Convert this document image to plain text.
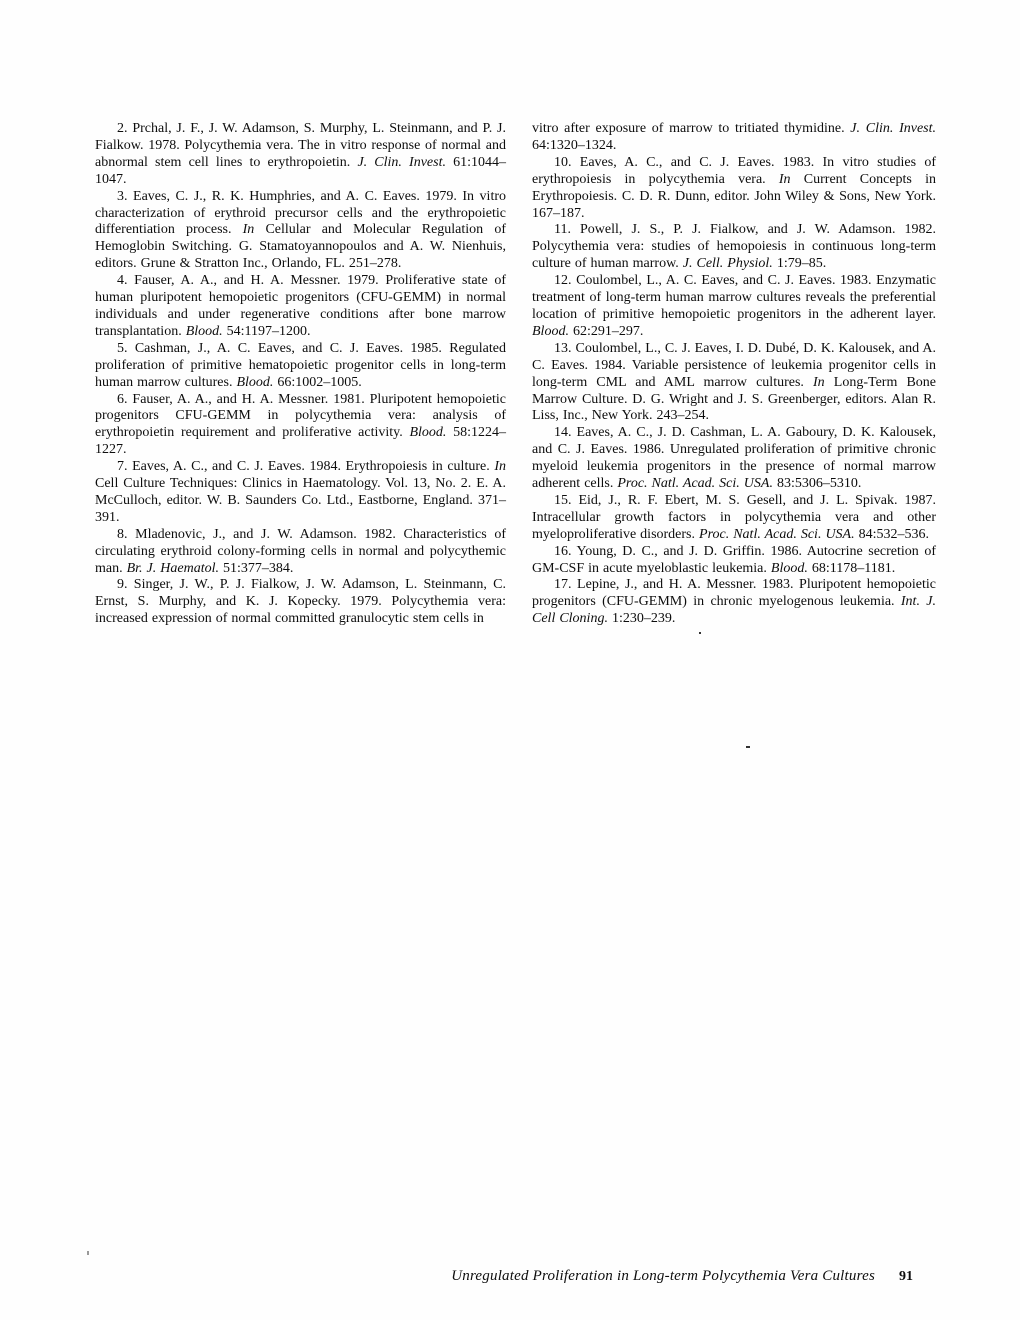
2. Prchal, J. F., J. W. Adamson, S. Murphy, L. Steinmann, and P. J. Fialkow. 1978. Polycythemia vera. The in vitro response of normal and abnormal stem cell lines to erythropoietin. J. Clin. Invest. 61:1044–1047.

3. Eaves, C. J., R. K. Humphries, and A. C. Eaves. 1979. In vitro characterization of erythroid precursor cells and the erythropoietic differentiation process. In Cellular and Molecular Regulation of Hemoglobin Switching. G. Stamatoyannopoulos and A. W. Nienhuis, editors. Grune & Stratton Inc., Orlando, FL. 251–278.

4. Fauser, A. A., and H. A. Messner. 1979. Proliferative state of human pluripotent hemopoietic progenitors (CFU-GEMM) in normal individuals and under regenerative conditions after bone marrow transplantation. Blood. 54:1197–1200.

5. Cashman, J., A. C. Eaves, and C. J. Eaves. 1985. Regulated proliferation of primitive hematopoietic progenitor cells in long-term human marrow cultures. Blood. 66:1002–1005.

6. Fauser, A. A., and H. A. Messner. 1981. Pluripotent hemopoietic progenitors CFU-GEMM in polycythemia vera: analysis of erythropoietin requirement and proliferative activity. Blood. 58:1224–1227.

7. Eaves, A. C., and C. J. Eaves. 1984. Erythropoiesis in culture. In Cell Culture Techniques: Clinics in Haematology. Vol. 13, No. 2. E. A. McCulloch, editor. W. B. Saunders Co. Ltd., Eastborne, England. 371–391.

8. Mladenovic, J., and J. W. Adamson. 1982. Characteristics of circulating erythroid colony-forming cells in normal and polycythemic man. Br. J. Haematol. 51:377–384.

9. Singer, J. W., P. J. Fialkow, J. W. Adamson, L. Steinmann, C. Ernst, S. Murphy, and K. J. Kopecky. 1979. Polycythemia vera: increased expression of normal committed granulocytic stem cells in

vitro after exposure of marrow to tritiated thymidine. J. Clin. Invest. 64:1320–1324.

10. Eaves, A. C., and C. J. Eaves. 1983. In vitro studies of erythropoiesis in polycythemia vera. In Current Concepts in Erythropoiesis. C. D. R. Dunn, editor. John Wiley & Sons, New York. 167–187.

11. Powell, J. S., P. J. Fialkow, and J. W. Adamson. 1982. Polycythemia vera: studies of hemopoiesis in continuous long-term culture of human marrow. J. Cell. Physiol. 1:79–85.

12. Coulombel, L., A. C. Eaves, and C. J. Eaves. 1983. Enzymatic treatment of long-term human marrow cultures reveals the preferential location of primitive hemopoietic progenitors in the adherent layer. Blood. 62:291–297.

13. Coulombel, L., C. J. Eaves, I. D. Dubé, D. K. Kalousek, and A. C. Eaves. 1984. Variable persistence of leukemia progenitor cells in long-term CML and AML marrow cultures. In Long-Term Bone Marrow Culture. D. G. Wright and J. S. Greenberger, editors. Alan R. Liss, Inc., New York. 243–254.

14. Eaves, A. C., J. D. Cashman, L. A. Gaboury, D. K. Kalousek, and C. J. Eaves. 1986. Unregulated proliferation of primitive chronic myeloid leukemia progenitors in the presence of normal marrow adherent cells. Proc. Natl. Acad. Sci. USA. 83:5306–5310.

15. Eid, J., R. F. Ebert, M. S. Gesell, and J. L. Spivak. 1987. Intracellular growth factors in polycythemia vera and other myeloproliferative disorders. Proc. Natl. Acad. Sci. USA. 84:532–536.

16. Young, D. C., and J. D. Griffin. 1986. Autocrine secretion of GM-CSF in acute myeloblastic leukemia. Blood. 68:1178–1181.

17. Lepine, J., and H. A. Messner. 1983. Pluripotent hemopoietic progenitors (CFU-GEMM) in chronic myelogenous leukemia. Int. J. Cell Cloning. 1:230–239.

Unregulated Proliferation in Long-term Polycythemia Vera Cultures 91
